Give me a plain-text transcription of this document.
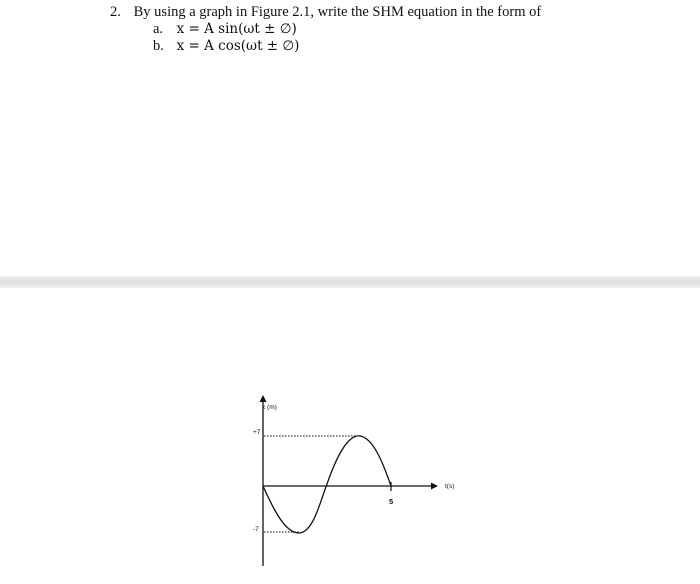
2. By using a graph in Figure 2.1, write the SHM equation in the form of
a. x = A sin(ωt ± ∅)
b. x = A cos(ωt ± ∅)
x (m)
t(s)
+7
-7
5
